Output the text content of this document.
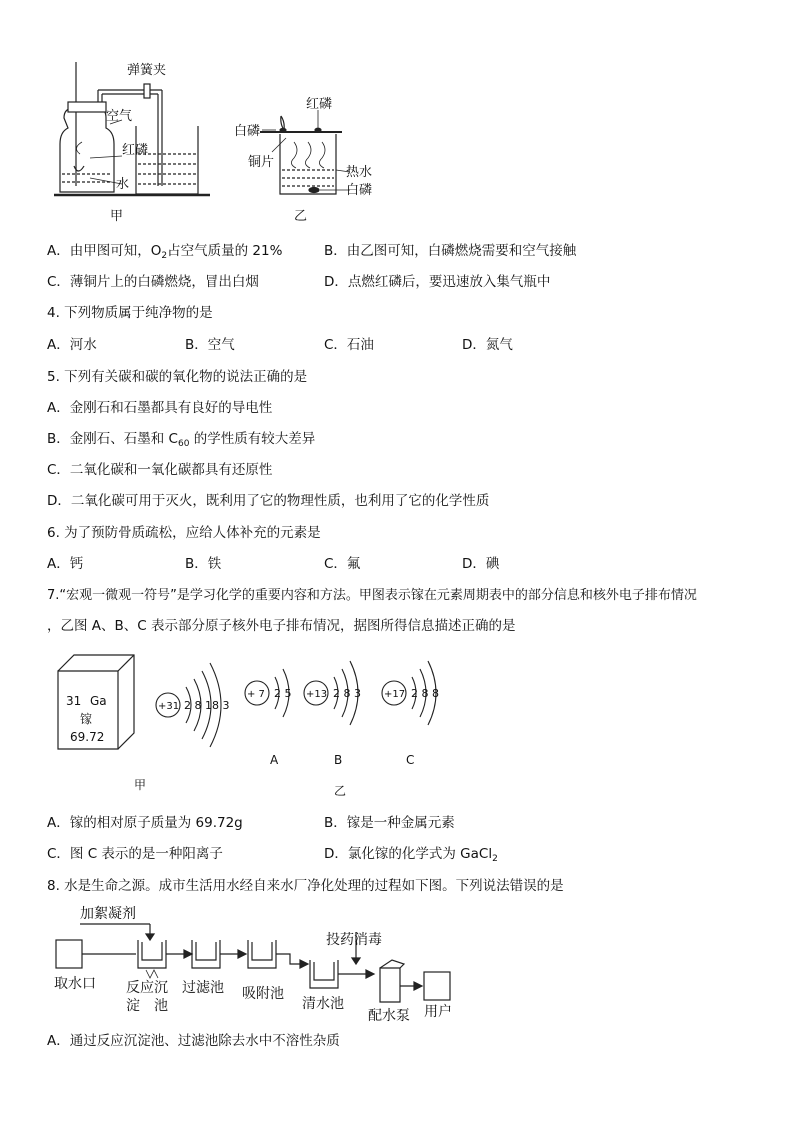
弹簧夹
空气
红磷
水
甲
红磷
白磷
铜片
热水
白磷
乙
A．由甲图可知，$O_2$占空气质量的 21%	B．由乙图可知，白磷燃烧需要和空气接触
C．薄铜片上的白磷燃烧，冒出白烟	D．点燃红磷后，要迅速放入集气瓶中
4. 下列物质属于纯净物的是
A．河水	B．空气	C．石油	D．氮气
5. 下列有关碳和碳的氧化物的说法正确的是
A．金刚石和石墨都具有良好的导电性
B．金刚石、石墨和 $C_{60}$ 的学性质有较大差异
C．二氧化碳和一氧化碳都具有还原性
D．二氧化碳可用于灭火，既利用了它的物理性质，也利用了它的化学性质
6. 为了预防骨质疏松，应给人体补充的元素是
A．钙	B．铁	C．氟	D．碘
7.“宏观一微观一符号”是学习化学的重要内容和方法。甲图表示镓在元素周期表中的部分信息和核外电子排布情况
，乙图 A、B、C 表示部分原子核外电子排布情况，据图所得信息描述正确的是
31 Ga
镓
69.72
+31 2 8 18 3
+ 7 2 5 +13 2 8 3 +17 2 8 8
A	B	C
甲	乙
A．镓的相对原子质量为 69.72g	B．镓是一种金属元素
C．图 C 表示的是一种阳离子	D．氯化镓的化学式为 GaCl$_2$
8. 水是生命之源。成市生活用水经自来水厂净化处理的过程如下图。下列说法错误的是
加絮凝剂
投药消毒
取水口 反应沉
淀　池
过滤池 吸附池
清水池
配水泵 用户
A．通过反应沉淀池、过滤池除去水中不溶性杂质
